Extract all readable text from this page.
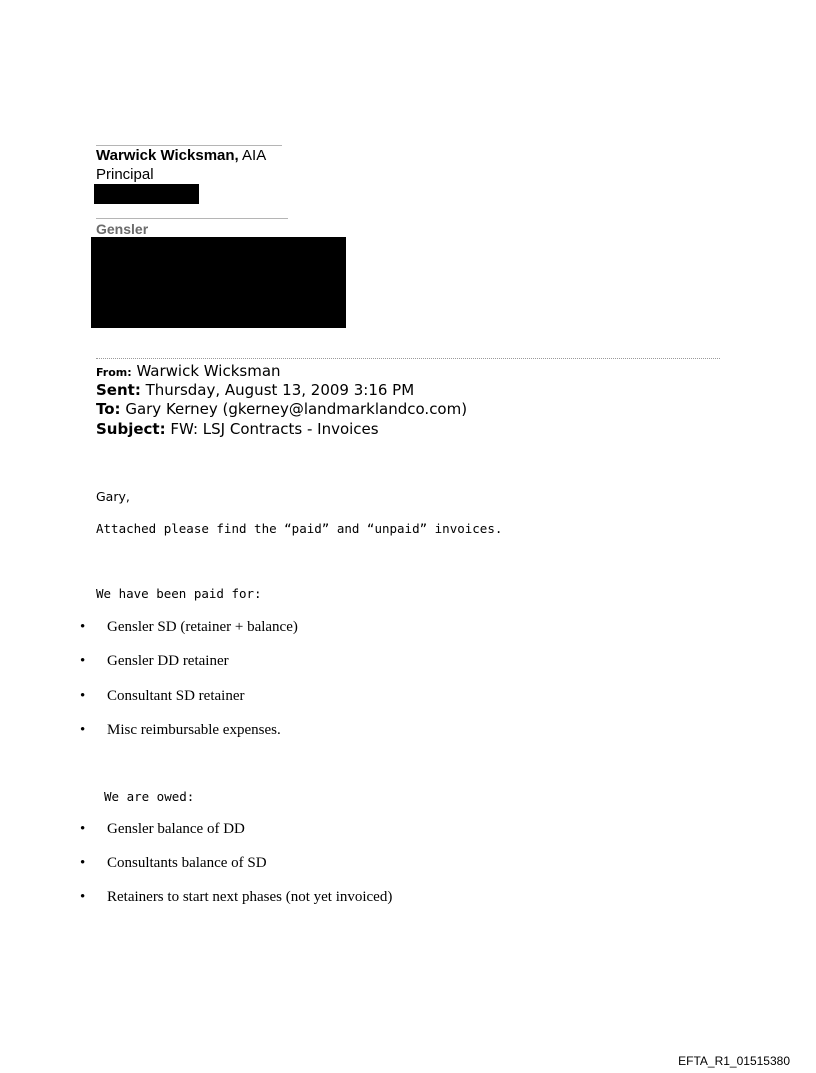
Warwick Wicksman, AIA
Principal
Gensler
From: Warwick Wicksman
Sent: Thursday, August 13, 2009 3:16 PM
To: Gary Kerney (gkerney@landmarklandco.com)
Subject: FW: LSJ Contracts - Invoices
Gary,
Attached please find the “paid” and “unpaid” invoices.
We have been paid for:
• Gensler SD (retainer + balance)
• Gensler DD retainer
• Consultant SD retainer
• Misc reimbursable expenses.
We are owed:
• Gensler balance of DD
• Consultants balance of SD
• Retainers to start next phases (not yet invoiced)
EFTA_R1_01515380
